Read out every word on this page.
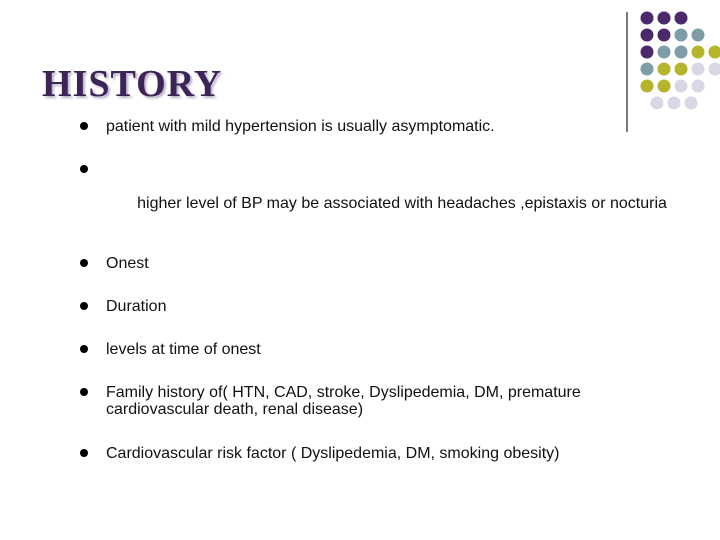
HISTORY
patient with mild hypertension is usually asymptomatic.

higher level of BP may be associated with headaches ,epistaxis or nocturia

Onest
Duration
levels at time of onest
Family history of( HTN, CAD, stroke, Dyslipedemia, DM, premature cardiovascular death, renal disease)
Cardiovascular risk factor ( Dyslipedemia, DM, smoking obesity)
